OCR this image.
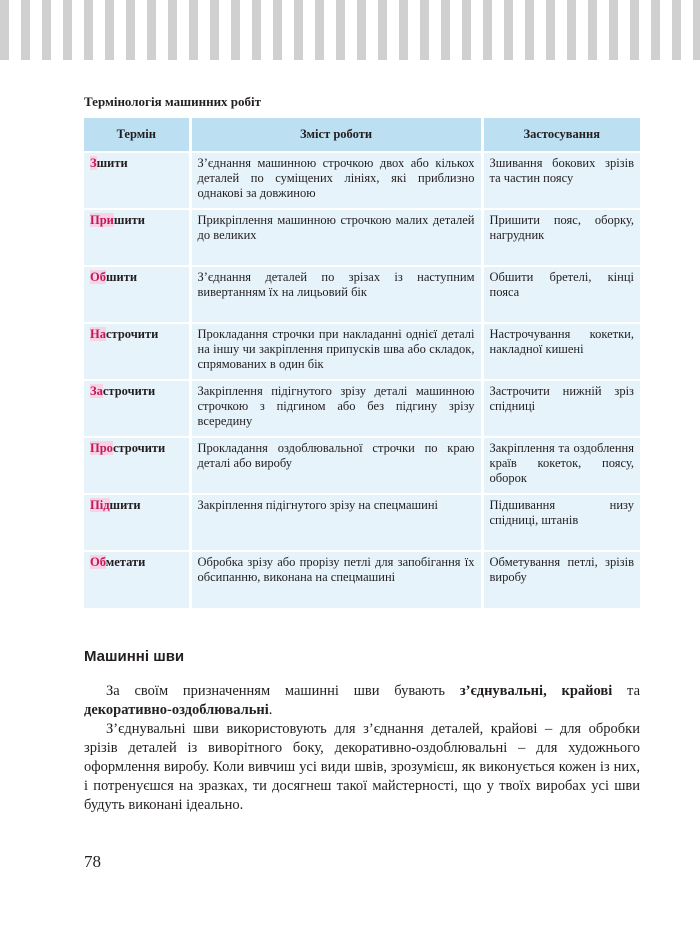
Термінологія машинних робіт

Термін	Зміст роботи	Застосування
Зшити	З’єднання машинною строчкою двох або кількох деталей по суміщених лініях, які приблизно однакові за довжиною	Зшивання бокових зрізів та частин поясу
Пришити	Прикріплення машинною строчкою малих деталей до великих	Пришити пояс, оборку, нагрудник
Обшити	З’єднання деталей по зрізах із наступним вивертанням їх на лицьовий бік	Обшити бретелі, кінці пояса
Настрочити	Прокладання строчки при накладанні однієї деталі на іншу чи закріплення припусків шва або складок, спрямованих в один бік	Настрочування кокетки, накладної кишені
Застрочити	Закріплення підігнутого зрізу деталі машинною строчкою з підгином або без підгину зрізу всередину	Застрочити нижній зріз спідниці
Прострочити	Прокладання оздоблювальної строчки по краю деталі або виробу	Закріплення та оздоблення країв кокеток, поясу, оборок
Підшити	Закріплення підігнутого зрізу на спецмашині	Підшивання низу спідниці, штанів
Обметати	Обробка зрізу або прорізу петлі для запобігання їх обсипанню, виконана на спецмашині	Обметування петлі, зрізів виробу
Машинні шви

За своїм призначенням машинні шви бувають з’єднувальні, крайові та декоративно-оздоблювальні.

З’єднувальні шви використовують для з’єднання деталей, крайові – для обробки зрізів деталей із виворітного боку, декоративно-оздоблювальні – для художнього оформлення виробу. Коли вивчиш усі види швів, зрозумієш, як виконується кожен із них, і потренуєшся на зразках, ти досягнеш такої майстерності, що у твоїх виробах усі шви будуть виконані ідеально.

78
